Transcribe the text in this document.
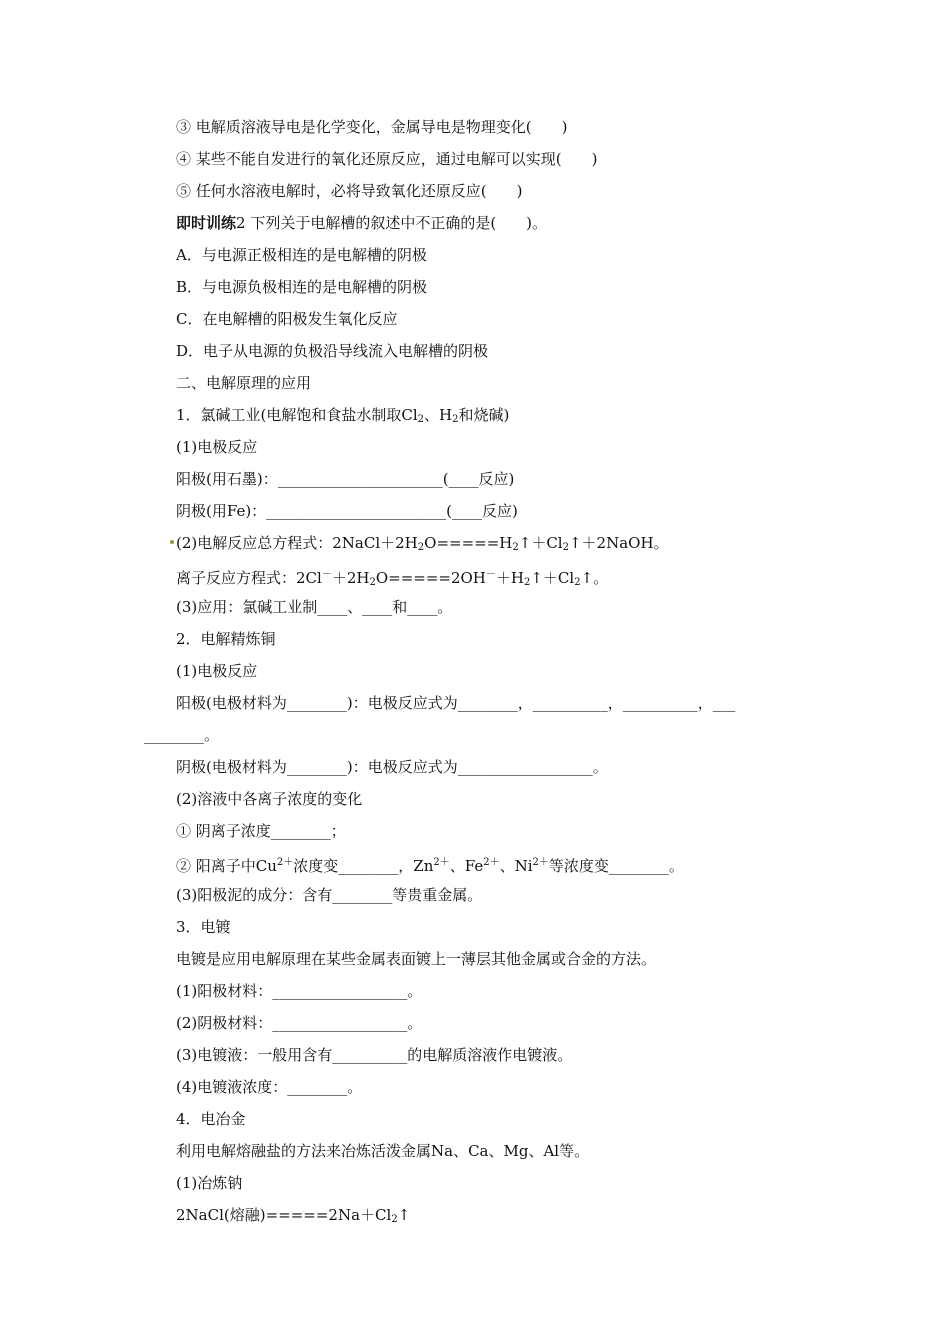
③ 电解质溶液导电是化学变化，金属导电是物理变化(　　)
④ 某些不能自发进行的氧化还原反应，通过电解可以实现(　　)
⑤ 任何水溶液电解时，必将导致氧化还原反应(　　)
即时训练2 下列关于电解槽的叙述中不正确的是(　　)。
A．与电源正极相连的是电解槽的阴极
B．与电源负极相连的是电解槽的阴极
C．在电解槽的阳极发生氧化反应
D．电子从电源的负极沿导线流入电解槽的阴极
二、电解原理的应用
1．氯碱工业(电解饱和食盐水制取$Cl_2$、$H_2$和烧碱)
(1)电极反应
阳极(用石墨)：______________________(____反应)
阴极(用Fe)：________________________(____反应)
(2)电解反应总方程式：$2NaCl+2H_2O=====H_2↑+Cl_2↑+2NaOH$。
离子反应方程式：$2Cl^-+2H_2O=====2OH^-+H_2↑+Cl_2↑$。
(3)应用：氯碱工业制____、____和____。
2．电解精炼铜
(1)电极反应
阳极(电极材料为________)：电极反应式为________，__________，__________，___
________。
阴极(电极材料为________)：电极反应式为__________________。
(2)溶液中各离子浓度的变化
① 阴离子浓度________；
② 阳离子中$Cu^{2+}$浓度变________，$Zn^{2+}$、$Fe^{2+}$、$Ni^{2+}$等浓度变________。
(3)阳极泥的成分：含有________等贵重金属。
3．电镀
电镀是应用电解原理在某些金属表面镀上一薄层其他金属或合金的方法。
(1)阳极材料：__________________。
(2)阴极材料：__________________。
(3)电镀液：一般用含有__________的电解质溶液作电镀液。
(4)电镀液浓度：________。
4．电冶金
利用电解熔融盐的方法来冶炼活泼金属Na、Ca、Mg、Al等。
(1)冶炼钠
2NaCl(熔融)$=====2Na+Cl_2↑$
